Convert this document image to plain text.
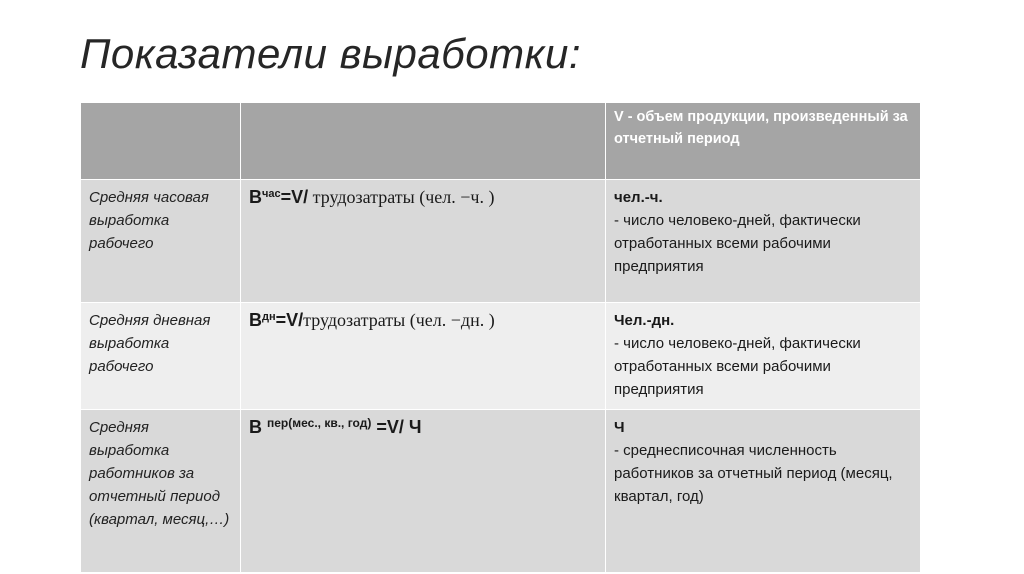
Показатели выработки:
		V - объем продукции, произведенный за отчетный период
Средняя часовая выработка рабочего	$В^{час}=V/$ трудозатраты (чел. −ч. )	чел.-ч.
- число человеко-дней, фактически отработанных всеми рабочими предприятия

Средняя дневная выработка рабочего	$В^{дн}=V$/трудозатраты (чел. −дн. )	Чел.-дн.
- число человеко-дней, фактически отработанных всеми рабочими предприятия

Средняя выработка работников за отчетный период (квартал, месяц,…)	В $^{пер(мес., кв., год)}$ =V/ Ч	Ч
- среднесписочная численность работников за отчетный период (месяц, квартал, год)
